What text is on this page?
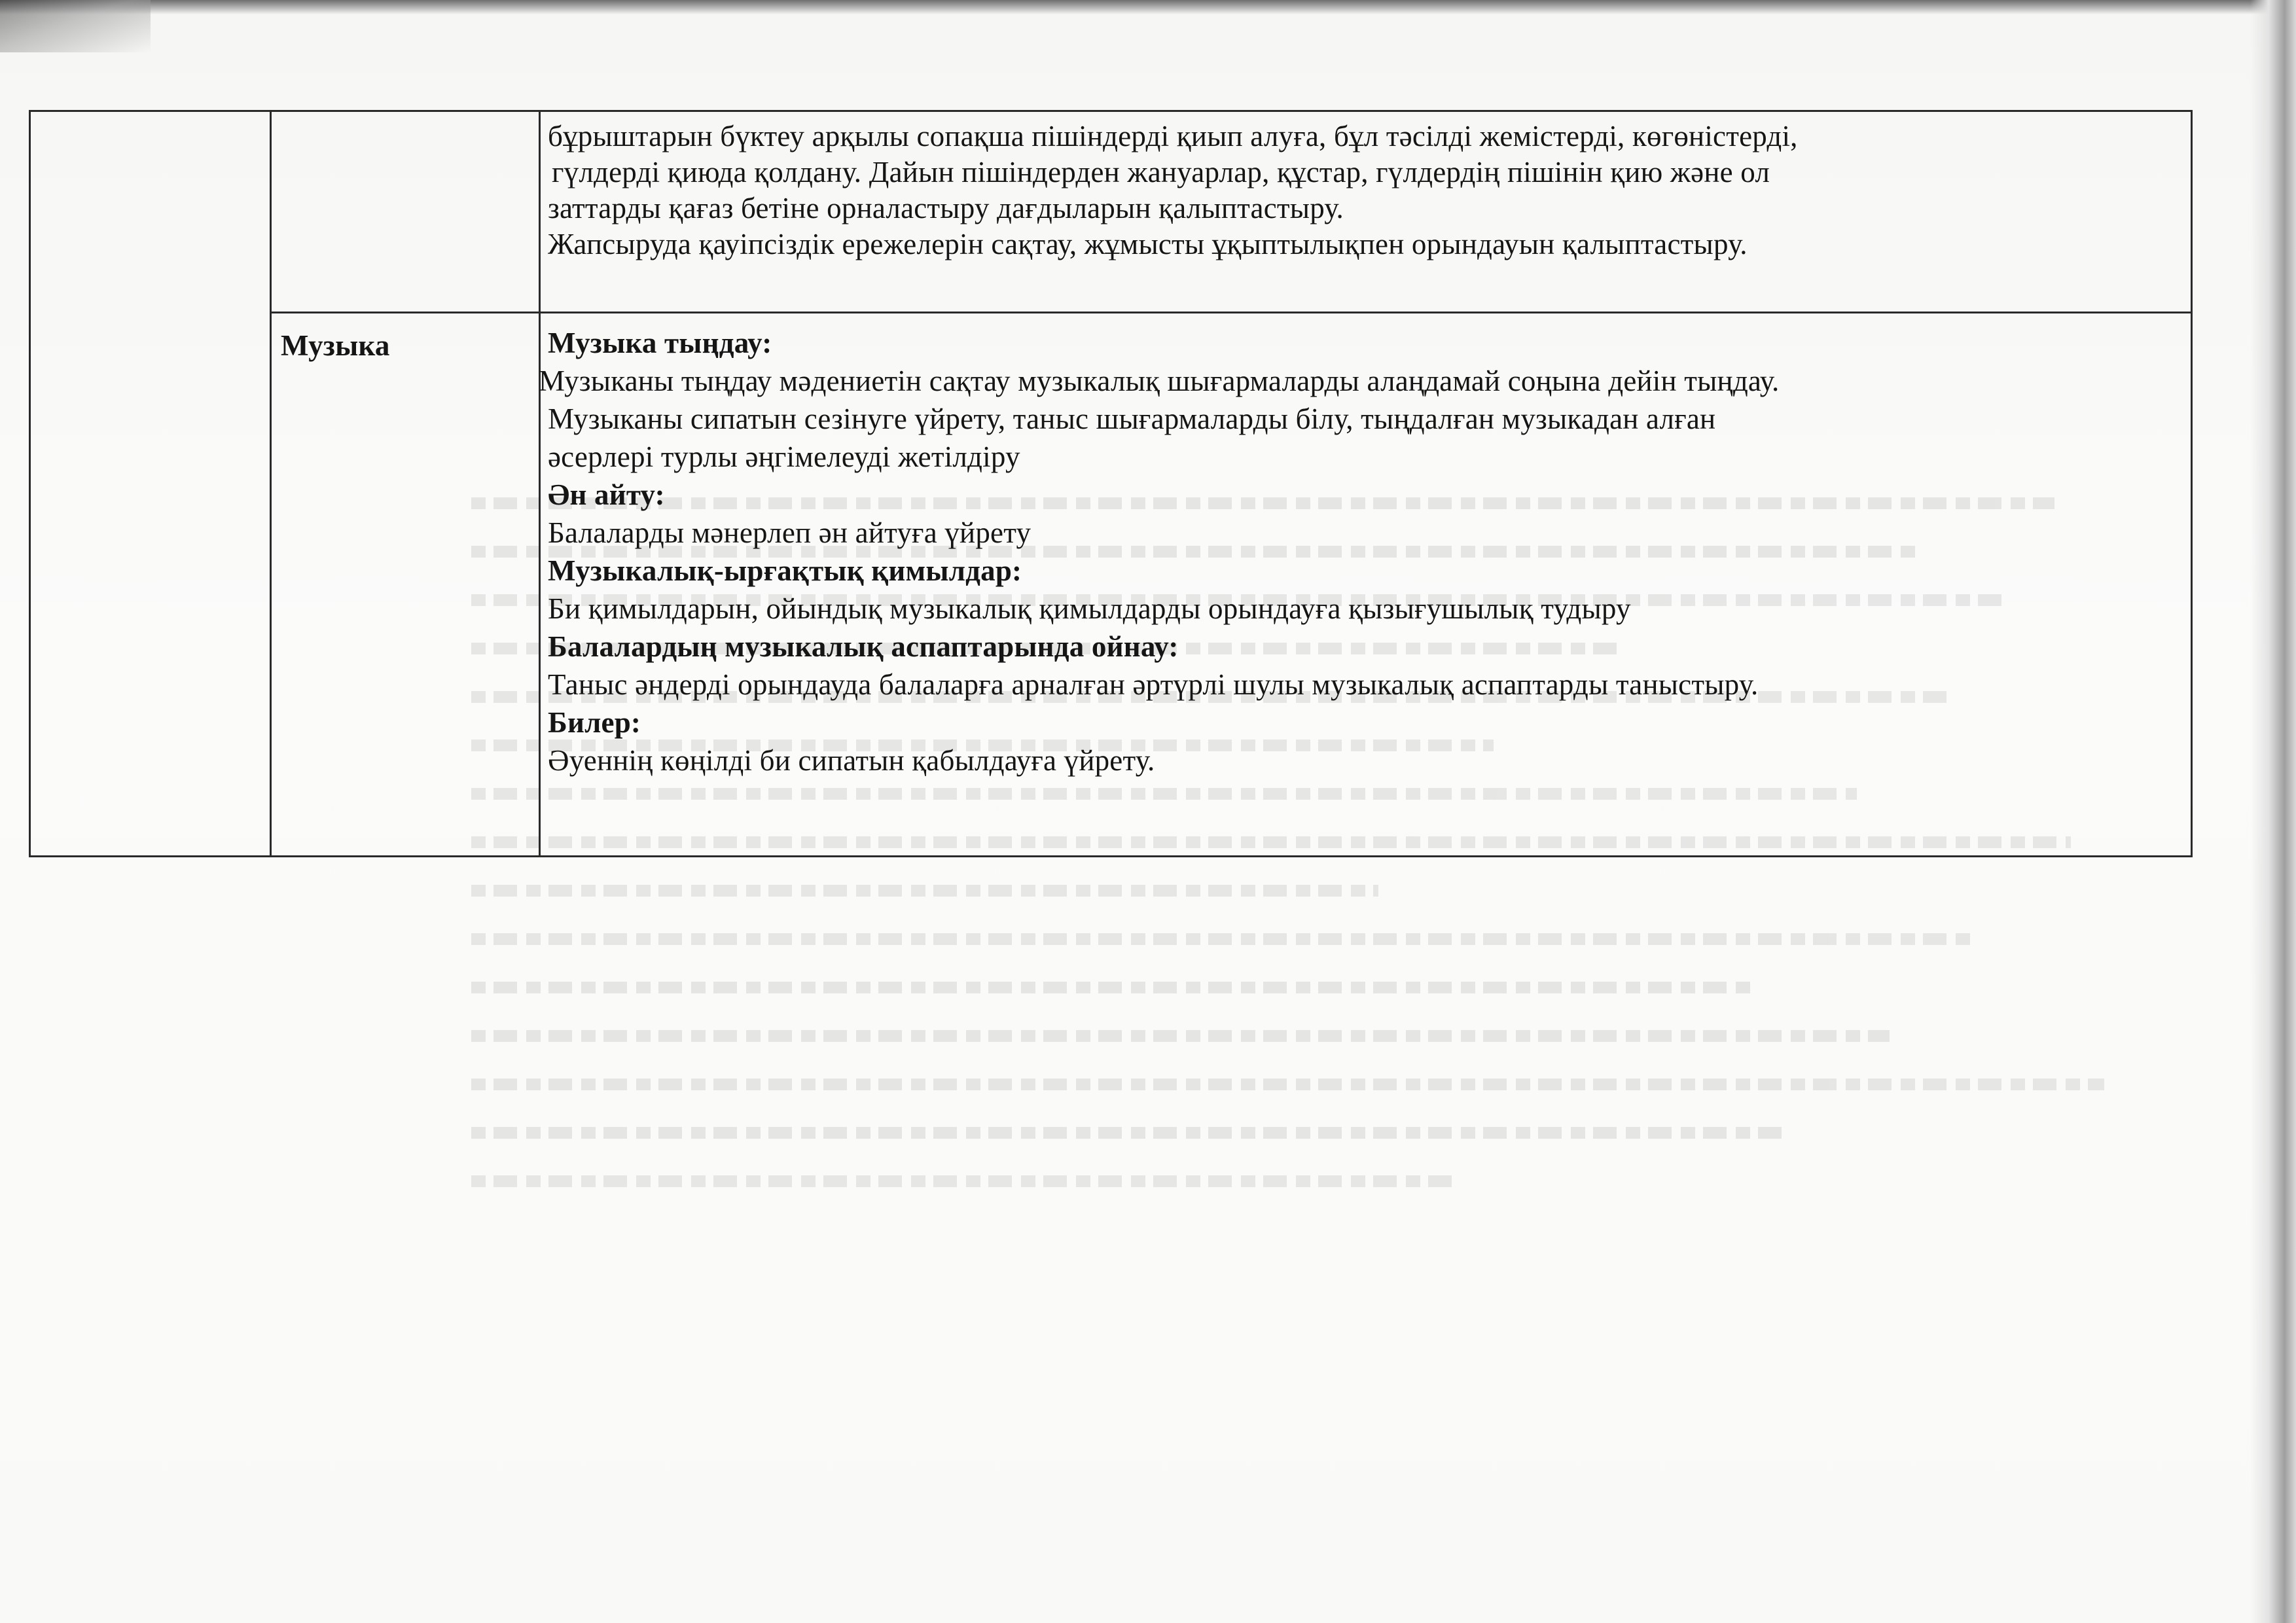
бұрыштарын бүктеу арқылы сопақша пішіндерді қиып алуға, бұл тәсілді жемістерді, көгөністерді,
гүлдерді қиюда қолдану. Дайын пішіндерден жануарлар, құстар, гүлдердің пішінін қию және ол
заттарды қағаз бетіне орналастыру дағдыларын қалыптастыру.
Жапсыруда қауіпсіздік ережелерін сақтау, жұмысты ұқыптылықпен орындауын қалыптастыру.
Музыка	Музыка тыңдау:
Музыканы тыңдау мәдениетін сақтау музыкалық шығармаларды алаңдамай соңына дейін тыңдау.
Музыканы сипатын сезінуге үйрету, таныс шығармаларды білу, тыңдалған музыкадан алған
әсерлері турлы әңгімелеуді жетілдіру
Ән айту:
Балаларды мәнерлеп ән айтуға үйрету
Музыкалық-ырғақтық қимылдар:
Би қимылдарын, ойындық музыкалық қимылдарды орындауға қызығушылық тудыру
Балалардың музыкалық аспаптарында ойнау:
Таныс әндерді орындауда балаларға арналған әртүрлі шулы музыкалық аспаптарды таныстыру.
Билер:
Әуеннің көңілді би сипатын қабылдауға үйрету.
